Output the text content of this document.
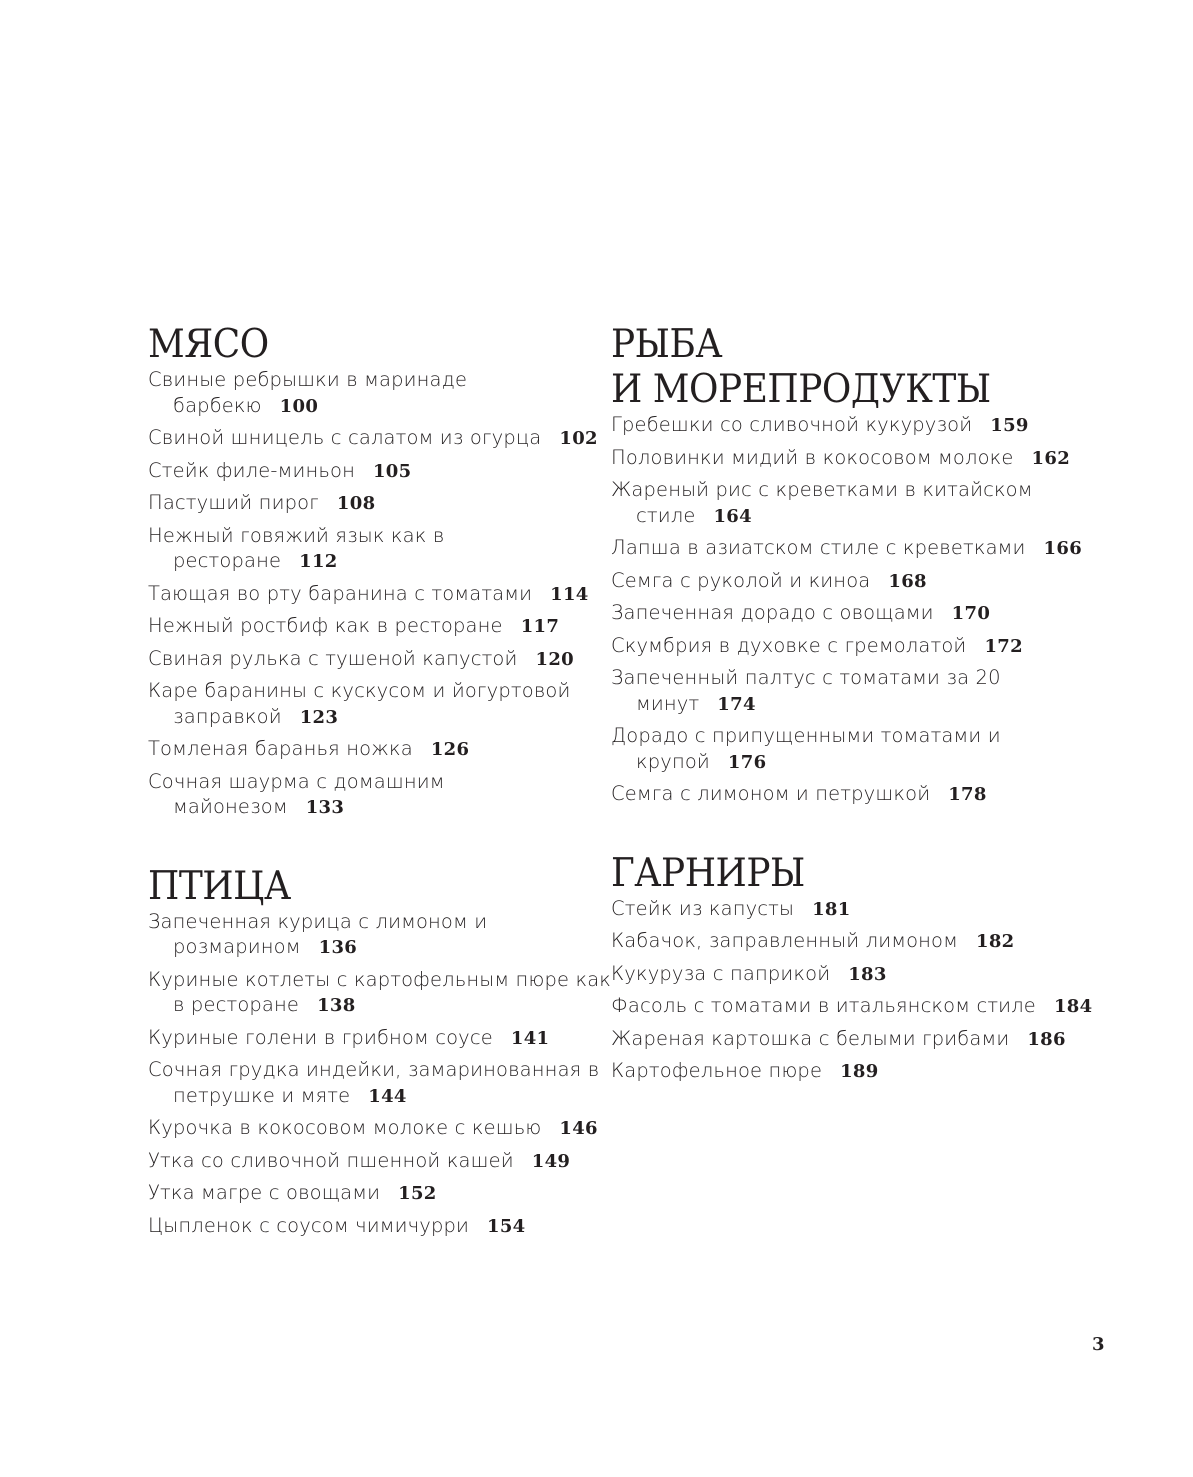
МЯСО
Свиные ребрышки в маринаде барбекю 100
Свиной шницель с салатом из огурца 102
Стейк филе-миньон 105
Пастуший пирог 108
Нежный говяжий язык как в ресторане 112
Тающая во рту баранина с томатами 114
Нежный ростбиф как в ресторане 117
Свиная рулька с тушеной капустой 120
Каре баранины с кускусом и йогуртовой заправкой 123
Томленая баранья ножка 126
Сочная шаурма с домашним майонезом 133
ПТИЦА
Запеченная курица с лимоном и розмарином 136
Куриные котлеты с картофельным пюре как в ресторане 138
Куриные голени в грибном соусе 141
Сочная грудка индейки, замаринованная в петрушке и мяте 144
Курочка в кокосовом молоке с кешью 146
Утка со сливочной пшенной кашей 149
Утка магре с овощами 152
Цыпленок с соусом чимичурри 154
РЫБА
И МОРЕПРОДУКТЫ
Гребешки со сливочной кукурузой 159
Половинки мидий в кокосовом молоке 162
Жареный рис с креветками в китайском стиле 164
Лапша в азиатском стиле с креветками 166
Семга с руколой и киноа 168
Запеченная дорадо с овощами 170
Скумбрия в духовке с гремолатой 172
Запеченный палтус с томатами за 20 минут 174
Дорадо с припущенными томатами и крупой 176
Семга с лимоном и петрушкой 178
ГАРНИРЫ
Стейк из капусты 181
Кабачок, заправленный лимоном 182
Кукуруза с паприкой 183
Фасоль с томатами в итальянском стиле 184
Жареная картошка с белыми грибами 186
Картофельное пюре 189
3
